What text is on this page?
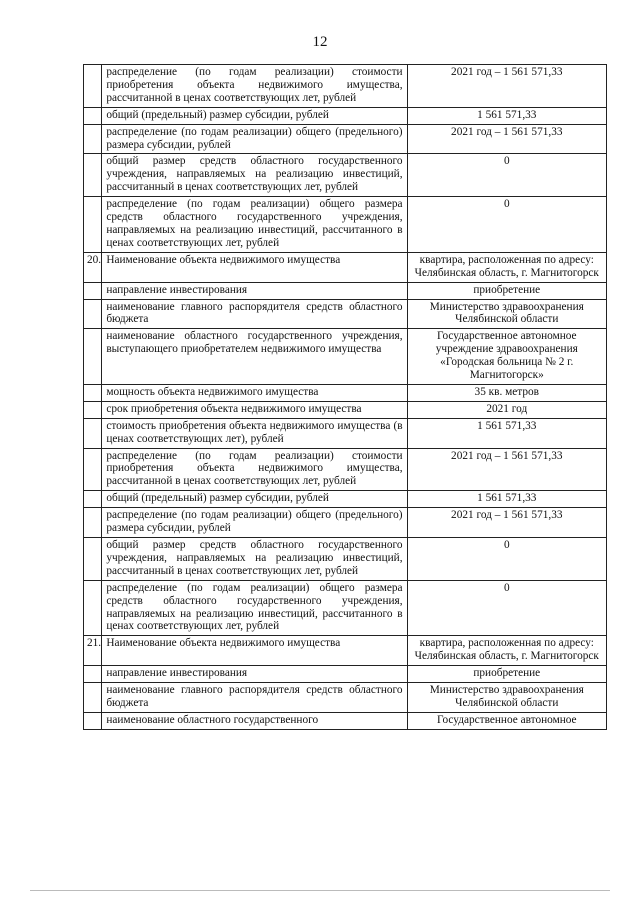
12
	распределение (по годам реализации) стоимости приобретения объекта недвижимого имущества, рассчитанной в ценах соответствующих лет, рублей	2021 год – 1 561 571,33
	общий (предельный) размер субсидии, рублей	1 561 571,33
	распределение (по годам реализации) общего (предельного) размера субсидии, рублей	2021 год – 1 561 571,33
	общий размер средств областного государственного учреждения, направляемых на реализацию инвестиций, рассчитанный в ценах соответствующих лет, рублей	0
	распределение (по годам реализации) общего размера средств областного государственного учреждения, направляемых на реализацию инвестиций, рассчитанного в ценах соответствующих лет, рублей	0
20.	Наименование объекта недвижимого имущества	квартира, расположенная по адресу: Челябинская область, г. Магнитогорск
	направление инвестирования	приобретение
	наименование главного распорядителя средств областного бюджета	Министерство здравоохранения Челябинской области
	наименование областного государственного учреждения, выступающего приобретателем недвижимого имущества	Государственное автономное учреждение здравоохранения «Городская больница № 2 г. Магнитогорск»
	мощность объекта недвижимого имущества	35 кв. метров
	срок приобретения объекта недвижимого имущества	2021 год
	стоимость приобретения объекта недвижимого имущества (в ценах соответствующих лет), рублей	1 561 571,33
	распределение (по годам реализации) стоимости приобретения объекта недвижимого имущества, рассчитанной в ценах соответствующих лет, рублей	2021 год – 1 561 571,33
	общий (предельный) размер субсидии, рублей	1 561 571,33
	распределение (по годам реализации) общего (предельного) размера субсидии, рублей	2021 год – 1 561 571,33
	общий размер средств областного государственного учреждения, направляемых на реализацию инвестиций, рассчитанный в ценах соответствующих лет, рублей	0
	распределение (по годам реализации) общего размера средств областного государственного учреждения, направляемых на реализацию инвестиций, рассчитанного в ценах соответствующих лет, рублей	0
21.	Наименование объекта недвижимого имущества	квартира, расположенная по адресу: Челябинская область, г. Магнитогорск
	направление инвестирования	приобретение
	наименование главного распорядителя средств областного бюджета	Министерство здравоохранения Челябинской области
	наименование областного государственного	Государственное автономное
